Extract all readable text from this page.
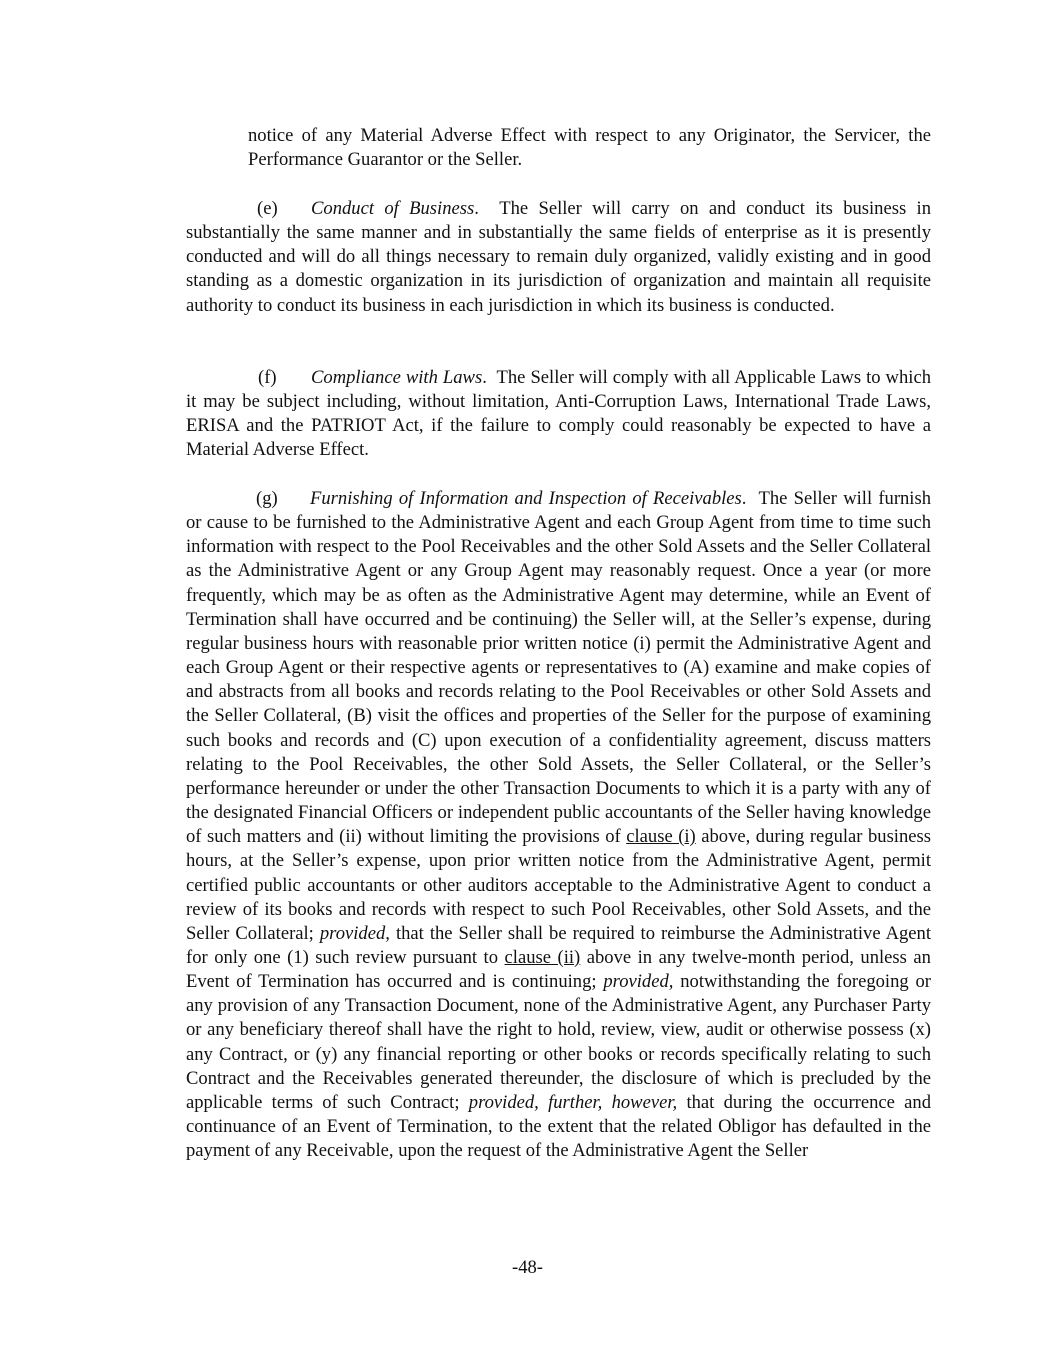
notice of any Material Adverse Effect with respect to any Originator, the Servicer, the Performance Guarantor or the Seller.

(e) Conduct of Business.  The Seller will carry on and conduct its business in substantially the same manner and in substantially the same fields of enterprise as it is presently conducted and will do all things necessary to remain duly organized, validly existing and in good standing as a domestic organization in its jurisdiction of organization and maintain all requisite authority to conduct its business in each jurisdiction in which its business is conducted.

(f) Compliance with Laws.  The Seller will comply with all Applicable Laws to which it may be subject including, without limitation, Anti-Corruption Laws, International Trade Laws, ERISA and the PATRIOT Act, if the failure to comply could reasonably be expected to have a Material Adverse Effect.

(g) Furnishing of Information and Inspection of Receivables.  The Seller will furnish or cause to be furnished to the Administrative Agent and each Group Agent from time to time such information with respect to the Pool Receivables and the other Sold Assets and the Seller Collateral as the Administrative Agent or any Group Agent may reasonably request. Once a year (or more frequently, which may be as often as the Administrative Agent may determine, while an Event of Termination shall have occurred and be continuing) the Seller will, at the Seller’s expense, during regular business hours with reasonable prior written notice (i) permit the Administrative Agent and each Group Agent or their respective agents or representatives to (A) examine and make copies of and abstracts from all books and records relating to the Pool Receivables or other Sold Assets and the Seller Collateral, (B) visit the offices and properties of the Seller for the purpose of examining such books and records and (C) upon execution of a confidentiality agreement, discuss matters relating to the Pool Receivables, the other Sold Assets, the Seller Collateral, or the Seller’s performance hereunder or under the other Transaction Documents to which it is a party with any of the designated Financial Officers or independent public accountants of the Seller having knowledge of such matters and (ii) without limiting the provisions of clause (i) above, during regular business hours, at the Seller’s expense, upon prior written notice from the Administrative Agent, permit certified public accountants or other auditors acceptable to the Administrative Agent to conduct a review of its books and records with respect to such Pool Receivables, other Sold Assets, and the Seller Collateral; provided, that the Seller shall be required to reimburse the Administrative Agent for only one (1) such review pursuant to clause (ii) above in any twelve-month period, unless an Event of Termination has occurred and is continuing; provided, notwithstanding the foregoing or any provision of any Transaction Document, none of the Administrative Agent, any Purchaser Party or any beneficiary thereof shall have the right to hold, review, view, audit or otherwise possess (x) any Contract, or (y) any financial reporting or other books or records specifically relating to such Contract and the Receivables generated thereunder, the disclosure of which is precluded by the applicable terms of such Contract; provided, further, however, that during the occurrence and continuance of an Event of Termination, to the extent that the related Obligor has defaulted in the payment of any Receivable, upon the request of the Administrative Agent the Seller

-48-
